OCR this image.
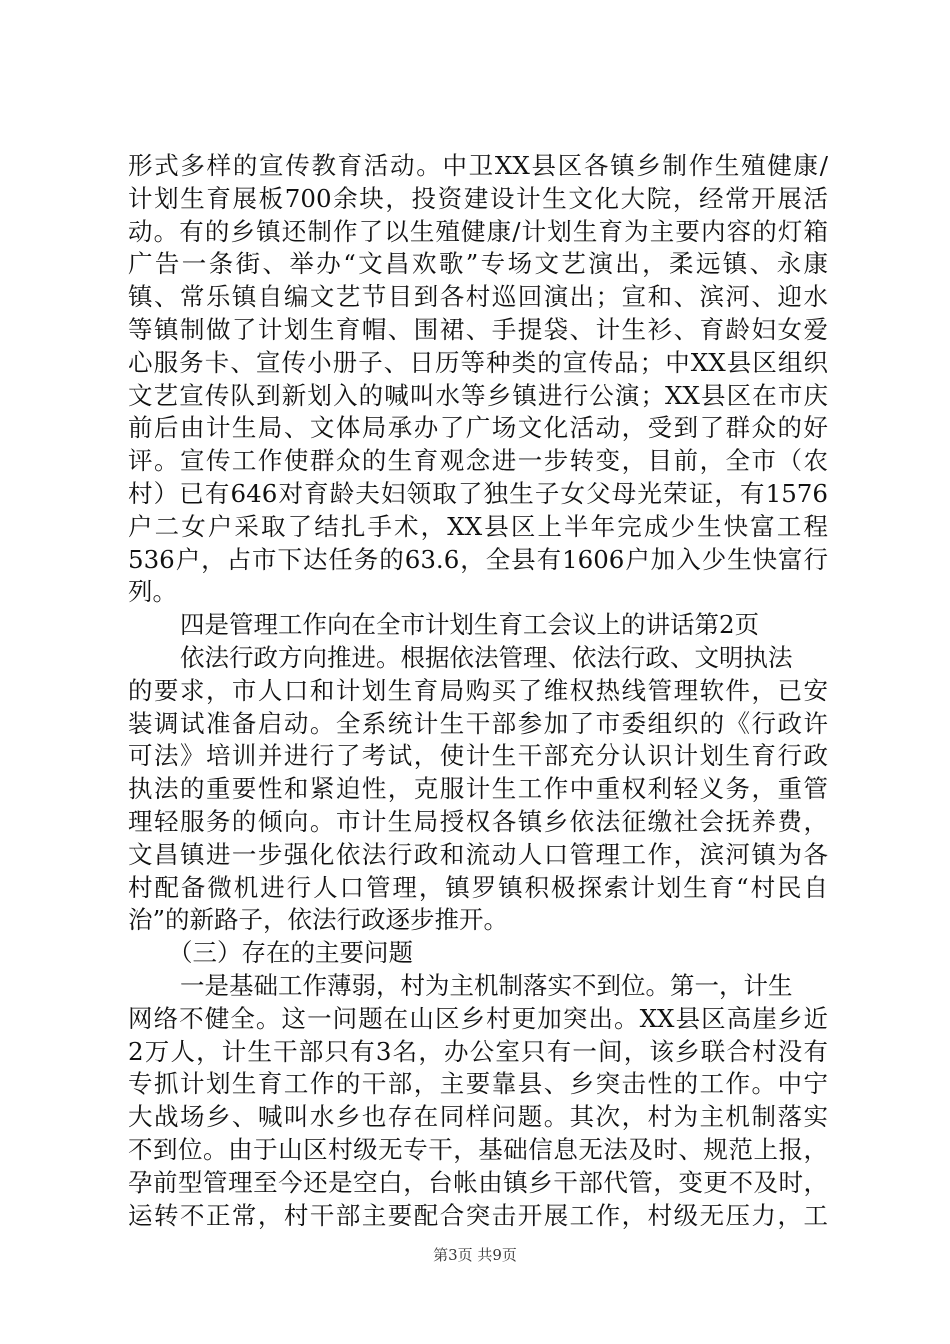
形式多样的宣传教育活动。中卫XX县区各镇乡制作生殖健康/
计划生育展板700余块，投资建设计生文化大院，经常开展活
动。有的乡镇还制作了以生殖健康/计划生育为主要内容的灯箱
广告一条街、举办“文昌欢歌”专场文艺演出，柔远镇、永康
镇、常乐镇自编文艺节目到各村巡回演出；宣和、滨河、迎水
等镇制做了计划生育帽、围裙、手提袋、计生衫、育龄妇女爱
心服务卡、宣传小册子、日历等种类的宣传品；中XX县区组织
文艺宣传队到新划入的喊叫水等乡镇进行公演；XX县区在市庆
前后由计生局、文体局承办了广场文化活动，受到了群众的好
评。宣传工作使群众的生育观念进一步转变，目前，全市（农
村）已有646对育龄夫妇领取了独生子女父母光荣证，有1576
户二女户采取了结扎手术，XX县区上半年完成少生快富工程
536户，占市下达任务的63.6，全县有1606户加入少生快富行
列。
四是管理工作向在全市计划生育工会议上的讲话第2页
依法行政方向推进。根据依法管理、依法行政、文明执法
的要求，市人口和计划生育局购买了维权热线管理软件，已安
装调试准备启动。全系统计生干部参加了市委组织的《行政许
可法》培训并进行了考试，使计生干部充分认识计划生育行政
执法的重要性和紧迫性，克服计生工作中重权利轻义务，重管
理轻服务的倾向。市计生局授权各镇乡依法征缴社会抚养费，
文昌镇进一步强化依法行政和流动人口管理工作，滨河镇为各
村配备微机进行人口管理，镇罗镇积极探索计划生育“村民自
治”的新路子，依法行政逐步推开。
（三）存在的主要问题
一是基础工作薄弱，村为主机制落实不到位。第一，计生
网络不健全。这一问题在山区乡村更加突出。XX县区高崖乡近
2万人，计生干部只有3名，办公室只有一间，该乡联合村没有
专抓计划生育工作的干部，主要靠县、乡突击性的工作。中宁
大战场乡、喊叫水乡也存在同样问题。其次，村为主机制落实
不到位。由于山区村级无专干，基础信息无法及时、规范上报，
孕前型管理至今还是空白，台帐由镇乡干部代管，变更不及时，
运转不正常，村干部主要配合突击开展工作，村级无压力，工
第3页 共9页
